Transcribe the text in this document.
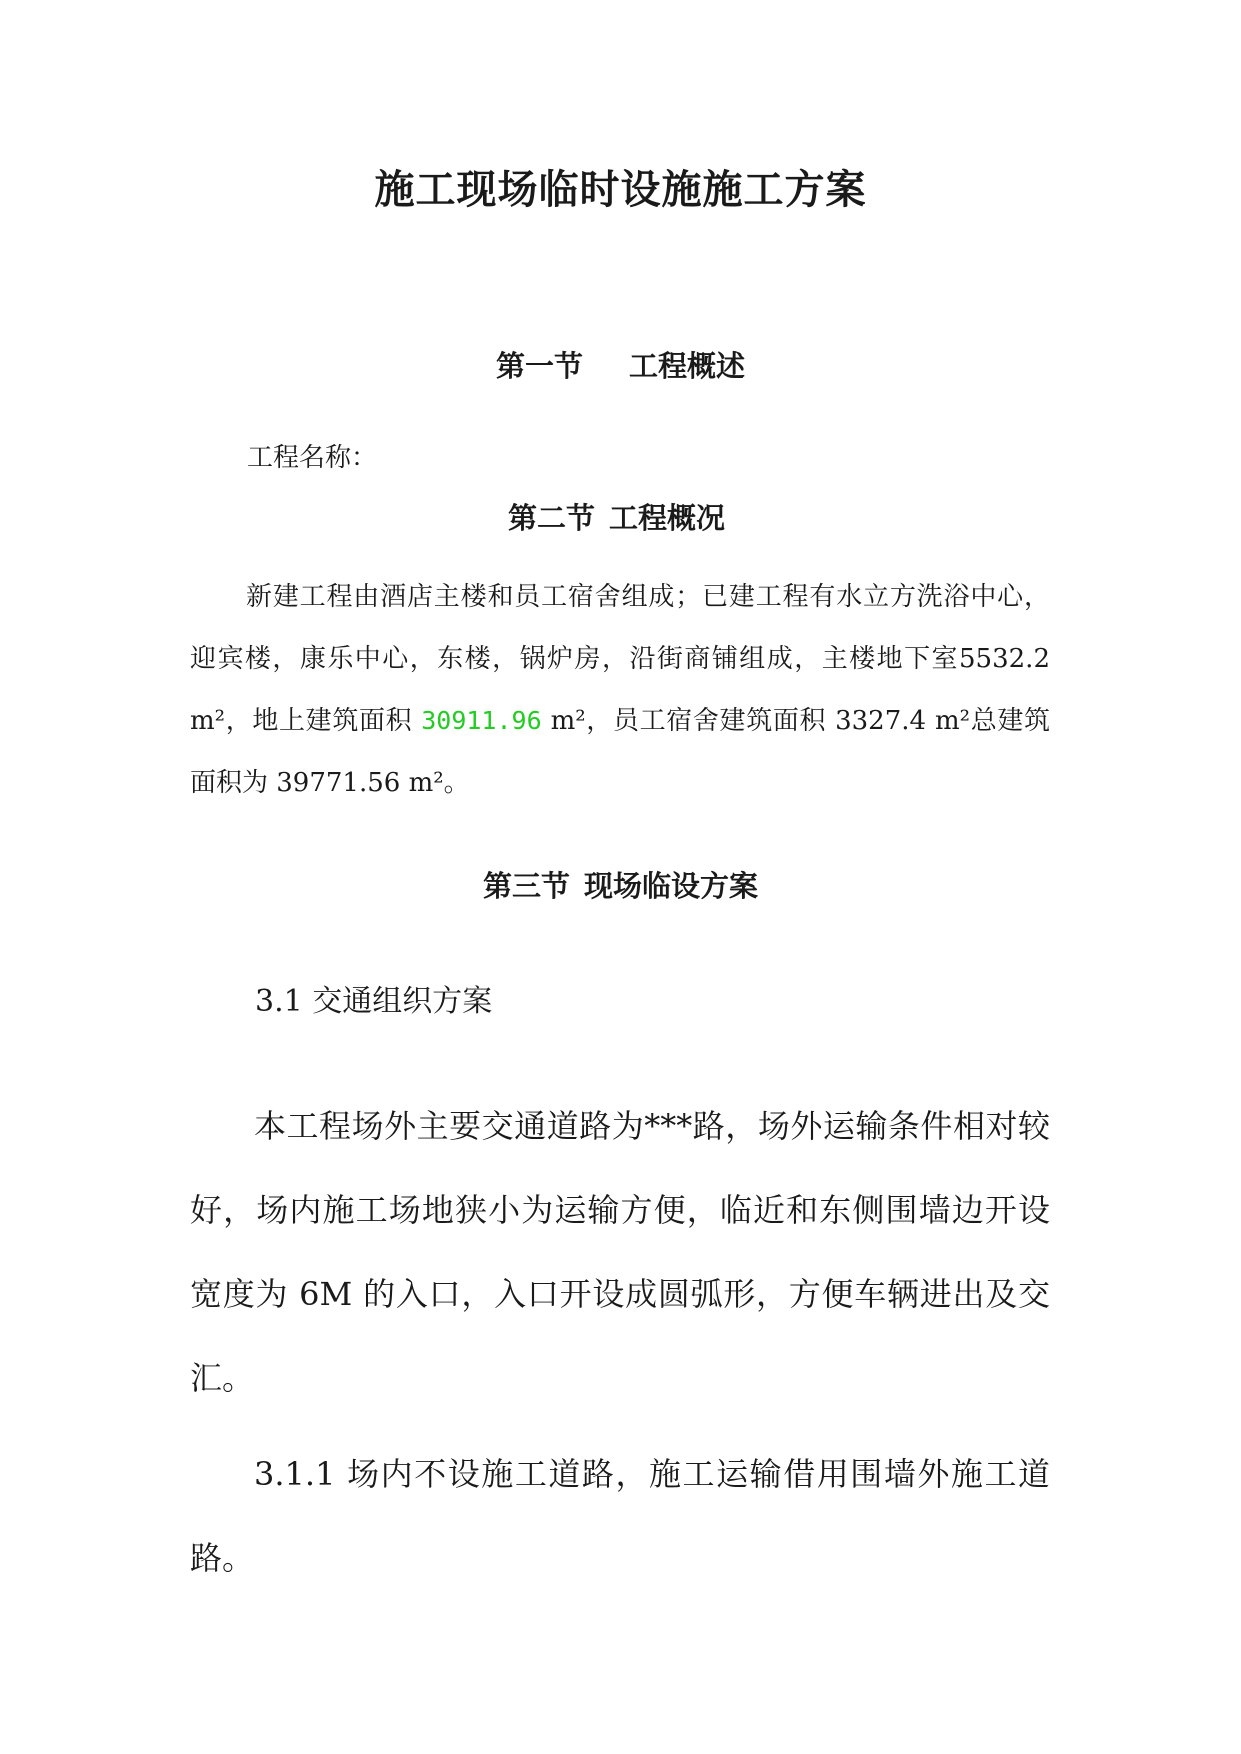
施工现场临时设施施工方案
第一节 工程概述

工程名称：

第二节 工程概况

新建工程由酒店主楼和员工宿舍组成；已建工程有水立方洗浴中心，迎宾楼，康乐中心，东楼，锅炉房，沿街商铺组成，主楼地下室5532.2 m²，地上建筑面积 30911.96 m²，员工宿舍建筑面积 3327.4 m²总建筑面积为 39771.56 m²。

第三节 现场临设方案

3.1 交通组织方案

本工程场外主要交通道路为***路，场外运输条件相对较好，场内施工场地狭小为运输方便，临近和东侧围墙边开设宽度为 6M 的入口，入口开设成圆弧形，方便车辆进出及交汇。

3.1.1 场内不设施工道路，施工运输借用围墙外施工道路。
